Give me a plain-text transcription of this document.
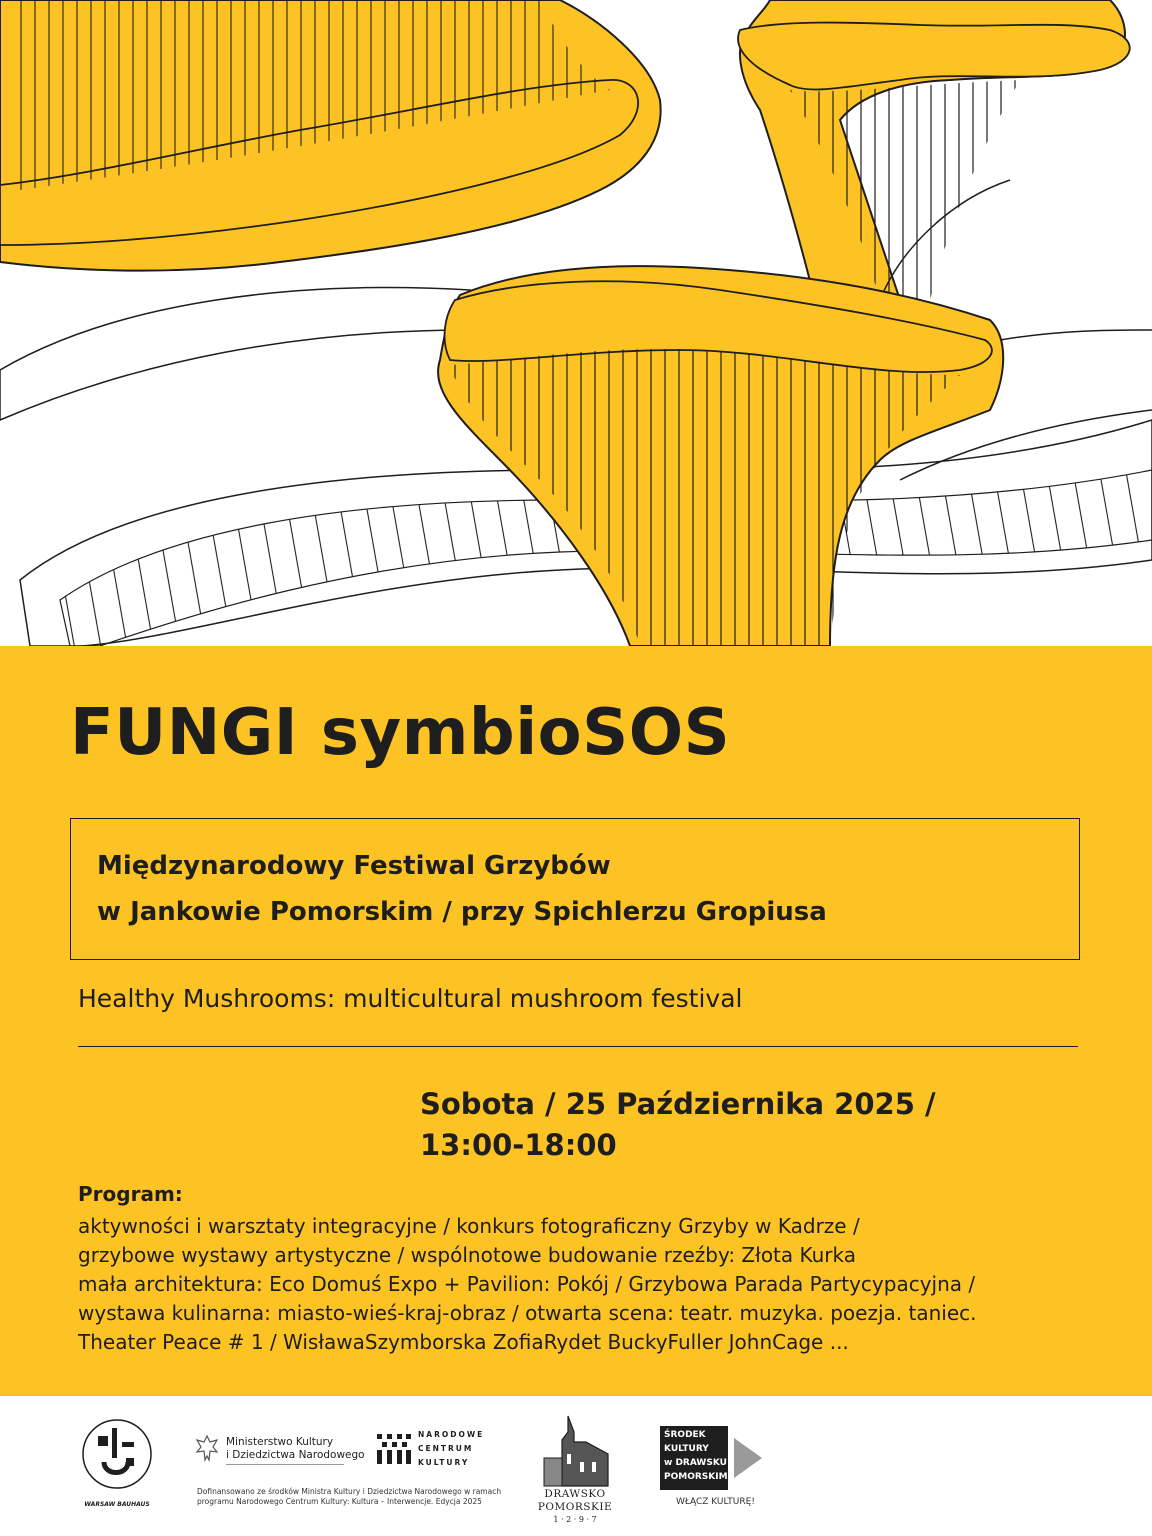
FUNGI symbioSOS
Międzynarodowy Festiwal Grzybów
w Jankowie Pomorskim / przy Spichlerzu Gropiusa
Healthy Mushrooms: multicultural mushroom festival
Sobota / 25 Października 2025 /
13:00-18:00
Program:
aktywności i warsztaty integracyjne / konkurs fotograficzny Grzyby w Kadrze /
grzybowe wystawy artystyczne / wspólnotowe budowanie rzeźby: Złota Kurka
mała architektura: Eco Domuś Expo + Pavilion: Pokój / Grzybowa Parada Partycypacyjna /
wystawa kulinarna: miasto-wieś-kraj-obraz / otwarta scena: teatr. muzyka. poezja. taniec.
Theater Peace # 1 / WisławaSzymborska ZofiaRydet BuckyFuller JohnCage ...
WARSAW BAUHAUS
Ministerstwo Kultury
i Dziedzictwa Narodowego
NARODOWE
CENTRUM
KULTURY
Dofinansowano ze środków Ministra Kultury i Dziedzictwa Narodowego w ramach
programu Narodowego Centrum Kultury: Kultura – Interwencje. Edycja 2025
DRAWSKO
POMORSKIE
1 · 2 · 9 · 7
ŚRODEK
KULTURY
w DRAWSKU
POMORSKIM
WŁĄCZ KULTURĘ!
